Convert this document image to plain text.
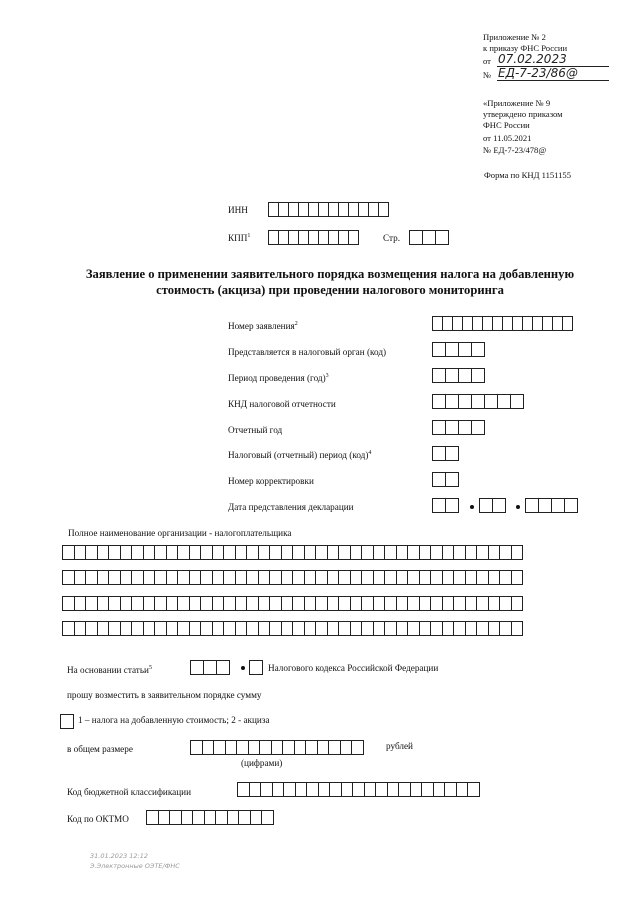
Приложение № 2
к приказу ФНС России
от 07.02.2023
№ ЕД-7-23/86@
«Приложение № 9
утверждено приказом
ФНС России
от 11.05.2021
№ ЕД-7-23/478@
Форма по КНД 1151155
ИНН
КПП$^1$	Стр.
Заявление о применении заявительного порядка возмещения налога на добавленную
стоимость (акциза) при проведении налогового мониторинга
Номер заявления$^2$
Представляется в налоговый орган (код)
Период проведения (год)$^3$
КНД налоговой отчетности
Отчетный год
Налоговый (отчетный) период (код)$^4$
Номер корректировки
Дата представления декларации
Полное наименование организации - налогоплательщика
На основании статьи$^5$	Налогового кодекса Российской Федерации
прошу возместить в заявительном порядке сумму
1 – налога на добавленную стоимость; 2 - акциза
в общем размере	рублей
(цифрами)
Код бюджетной классификации
Код по ОКТМО
31.01.2023 12:12
Э.Электронные ОЭТЕ/ФНС
